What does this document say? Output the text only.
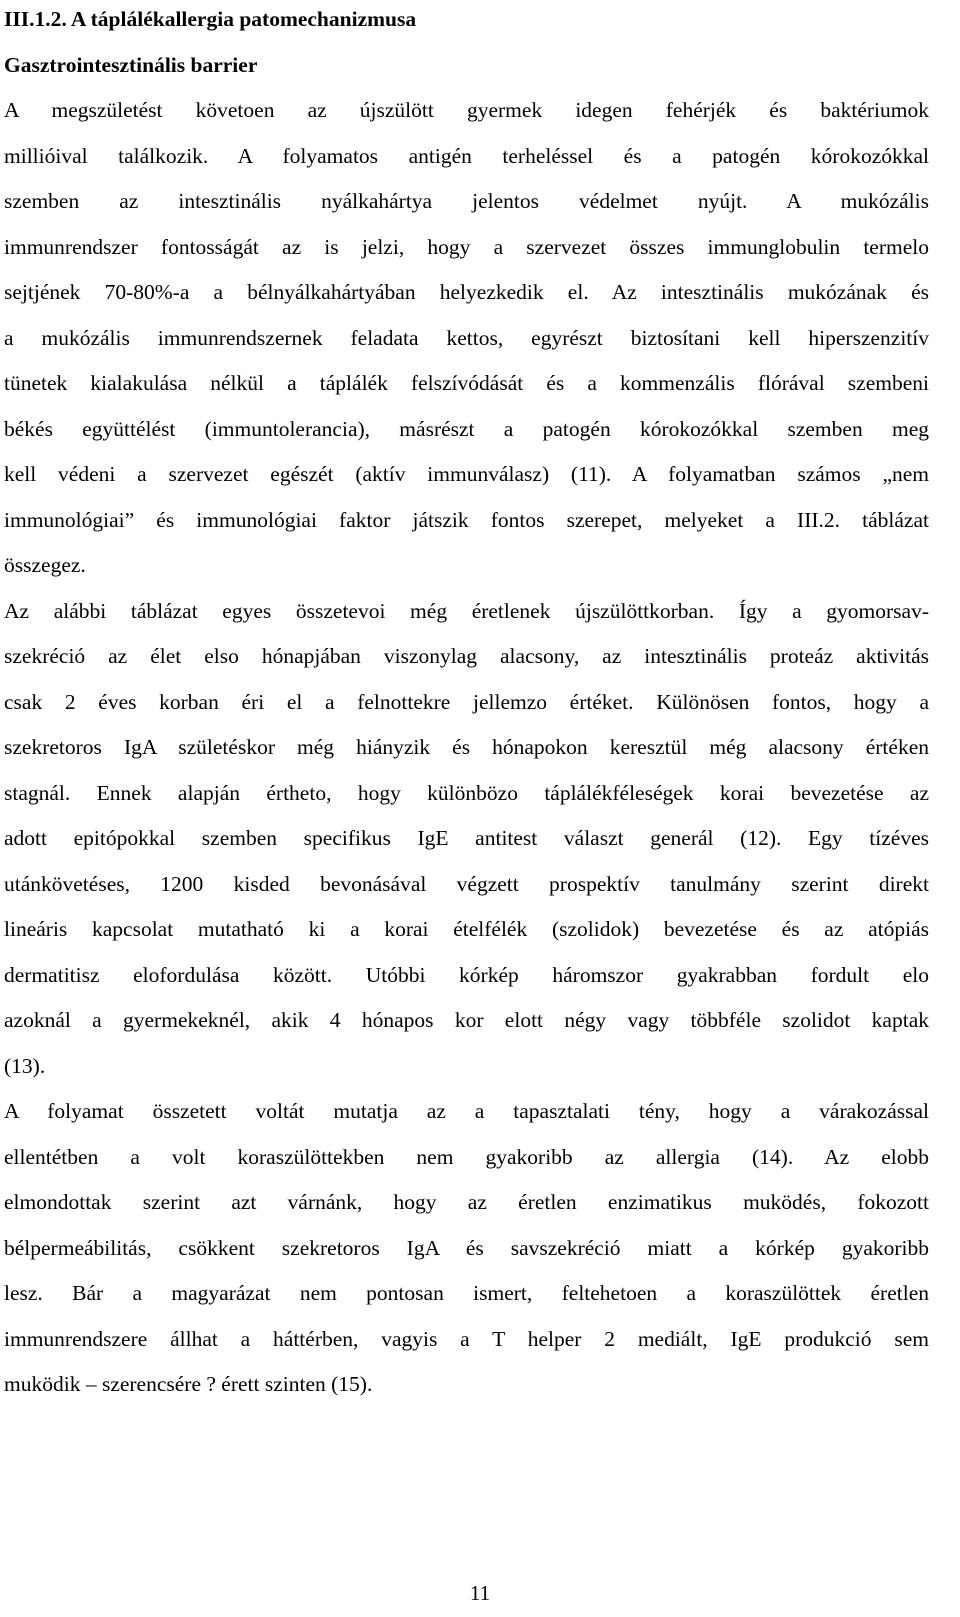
III.1.2. A táplálékallergia patomechanizmusa
Gasztrointesztinális barrier
A megszületést követoen az újszülött gyermek idegen fehérjék és baktériumok
millióival találkozik. A folyamatos antigén terheléssel és a patogén kórokozókkal
szemben az intesztinális nyálkahártya jelentos védelmet nyújt. A mukózális
immunrendszer fontosságát az is jelzi, hogy a szervezet összes immunglobulin termelo
sejtjének 70-80%-a a bélnyálkahártyában helyezkedik el. Az intesztinális mukózának és
a mukózális immunrendszernek feladata kettos, egyrészt biztosítani kell hiperszenzitív
tünetek kialakulása nélkül a táplálék felszívódását és a kommenzális flórával szembeni
békés együttélést (immuntolerancia), másrészt a patogén kórokozókkal szemben meg
kell védeni a szervezet egészét (aktív immunválasz) (11). A folyamatban számos „nem
immunológiai” és immunológiai faktor játszik fontos szerepet, melyeket a III.2. táblázat
összegez.
Az alábbi táblázat egyes összetevoi még éretlenek újszülöttkorban. Így a gyomorsav-
szekréció az élet elso hónapjában viszonylag alacsony, az intesztinális proteáz aktivitás
csak 2 éves korban éri el a felnottekre jellemzo értéket. Különösen fontos, hogy a
szekretoros IgA születéskor még hiányzik és hónapokon keresztül még alacsony értéken
stagnál. Ennek alapján értheto, hogy különbözo táplálékféleségek korai bevezetése az
adott epitópokkal szemben specifikus IgE antitest választ generál (12). Egy tízéves
utánkövetéses, 1200 kisded bevonásával végzett prospektív tanulmány szerint direkt
lineáris kapcsolat mutatható ki a korai ételfélék (szolidok) bevezetése és az atópiás
dermatitisz elofordulása között. Utóbbi kórkép háromszor gyakrabban fordult elo
azoknál a gyermekeknél, akik 4 hónapos kor elott négy vagy többféle szolidot kaptak
(13).
A folyamat összetett voltát mutatja az a tapasztalati tény, hogy a várakozással
ellentétben a volt koraszülöttekben nem gyakoribb az allergia (14). Az elobb
elmondottak szerint azt várnánk, hogy az éretlen enzimatikus muködés, fokozott
bélpermeábilitás, csökkent szekretoros IgA és savszekréció miatt a kórkép gyakoribb
lesz. Bár a magyarázat nem pontosan ismert, feltehetoen a koraszülöttek éretlen
immunrendszere állhat a háttérben, vagyis a T helper 2 mediált, IgE produkció sem
muködik – szerencsére ? érett szinten (15).
11
